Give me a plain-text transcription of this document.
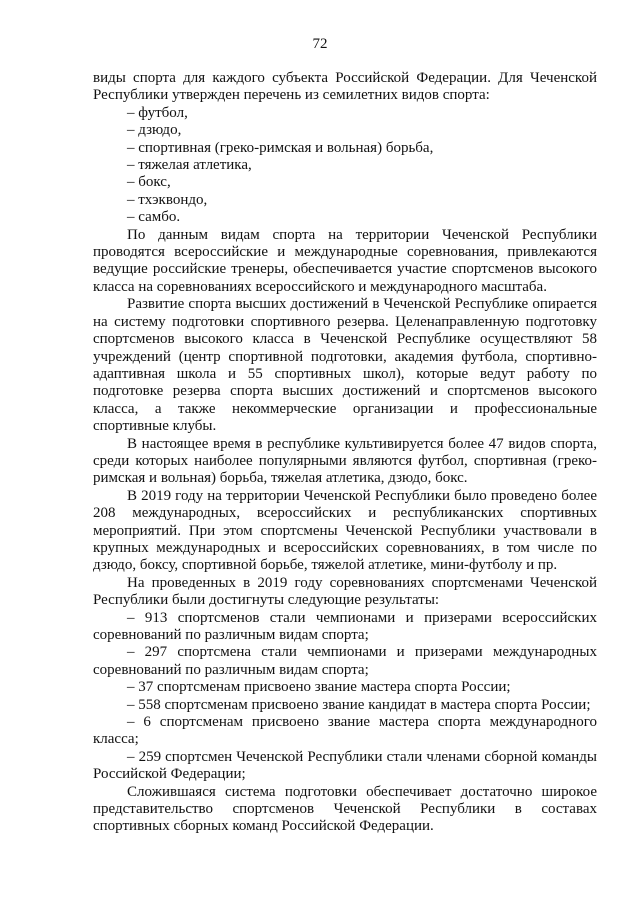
72

виды спорта для каждого субъекта Российской Федерации. Для Чеченской Республики утвержден перечень из семилетних видов спорта:

– футбол,

– дзюдо,

– спортивная (греко-римская и вольная) борьба,

– тяжелая атлетика,

– бокс,

– тхэквондо,

– самбо.

По данным видам спорта на территории Чеченской Республики проводятся всероссийские и международные соревнования, привлекаются ведущие российские тренеры, обеспечивается участие спортсменов высокого класса на соревнованиях всероссийского и международного масштаба.

Развитие спорта высших достижений в Чеченской Республике опирается на систему подготовки спортивного резерва. Целенаправленную подготовку спортсменов высокого класса в Чеченской Республике осуществляют 58 учреждений (центр спортивной подготовки, академия футбола, спортивно-адаптивная школа и 55 спортивных школ), которые ведут работу по подготовке резерва спорта высших достижений и спортсменов высокого класса, а также некоммерческие организации и профессиональные спортивные клубы.

В настоящее время в республике культивируется более 47 видов спорта, среди которых наиболее популярными являются футбол, спортивная (греко-римская и вольная) борьба, тяжелая атлетика, дзюдо, бокс.

В 2019 году на территории Чеченской Республики было проведено более 208 международных, всероссийских и республиканских спортивных мероприятий. При этом спортсмены Чеченской Республики участвовали в крупных международных и всероссийских соревнованиях, в том числе по дзюдо, боксу, спортивной борьбе, тяжелой атлетике, мини-футболу и пр.

На проведенных в 2019 году соревнованиях спортсменами Чеченской Республики были достигнуты следующие результаты:

– 913 спортсменов стали чемпионами и призерами всероссийских соревнований по различным видам спорта;

– 297 спортсмена стали чемпионами и призерами международных соревнований по различным видам спорта;

– 37 спортсменам присвоено звание мастера спорта России;

– 558 спортсменам присвоено звание кандидат в мастера спорта России;

– 6 спортсменам присвоено звание мастера спорта международного класса;

– 259 спортсмен Чеченской Республики стали членами сборной команды Российской Федерации;

Сложившаяся система подготовки обеспечивает достаточно широкое представительство спортсменов Чеченской Республики в составах спортивных сборных команд Российской Федерации.
